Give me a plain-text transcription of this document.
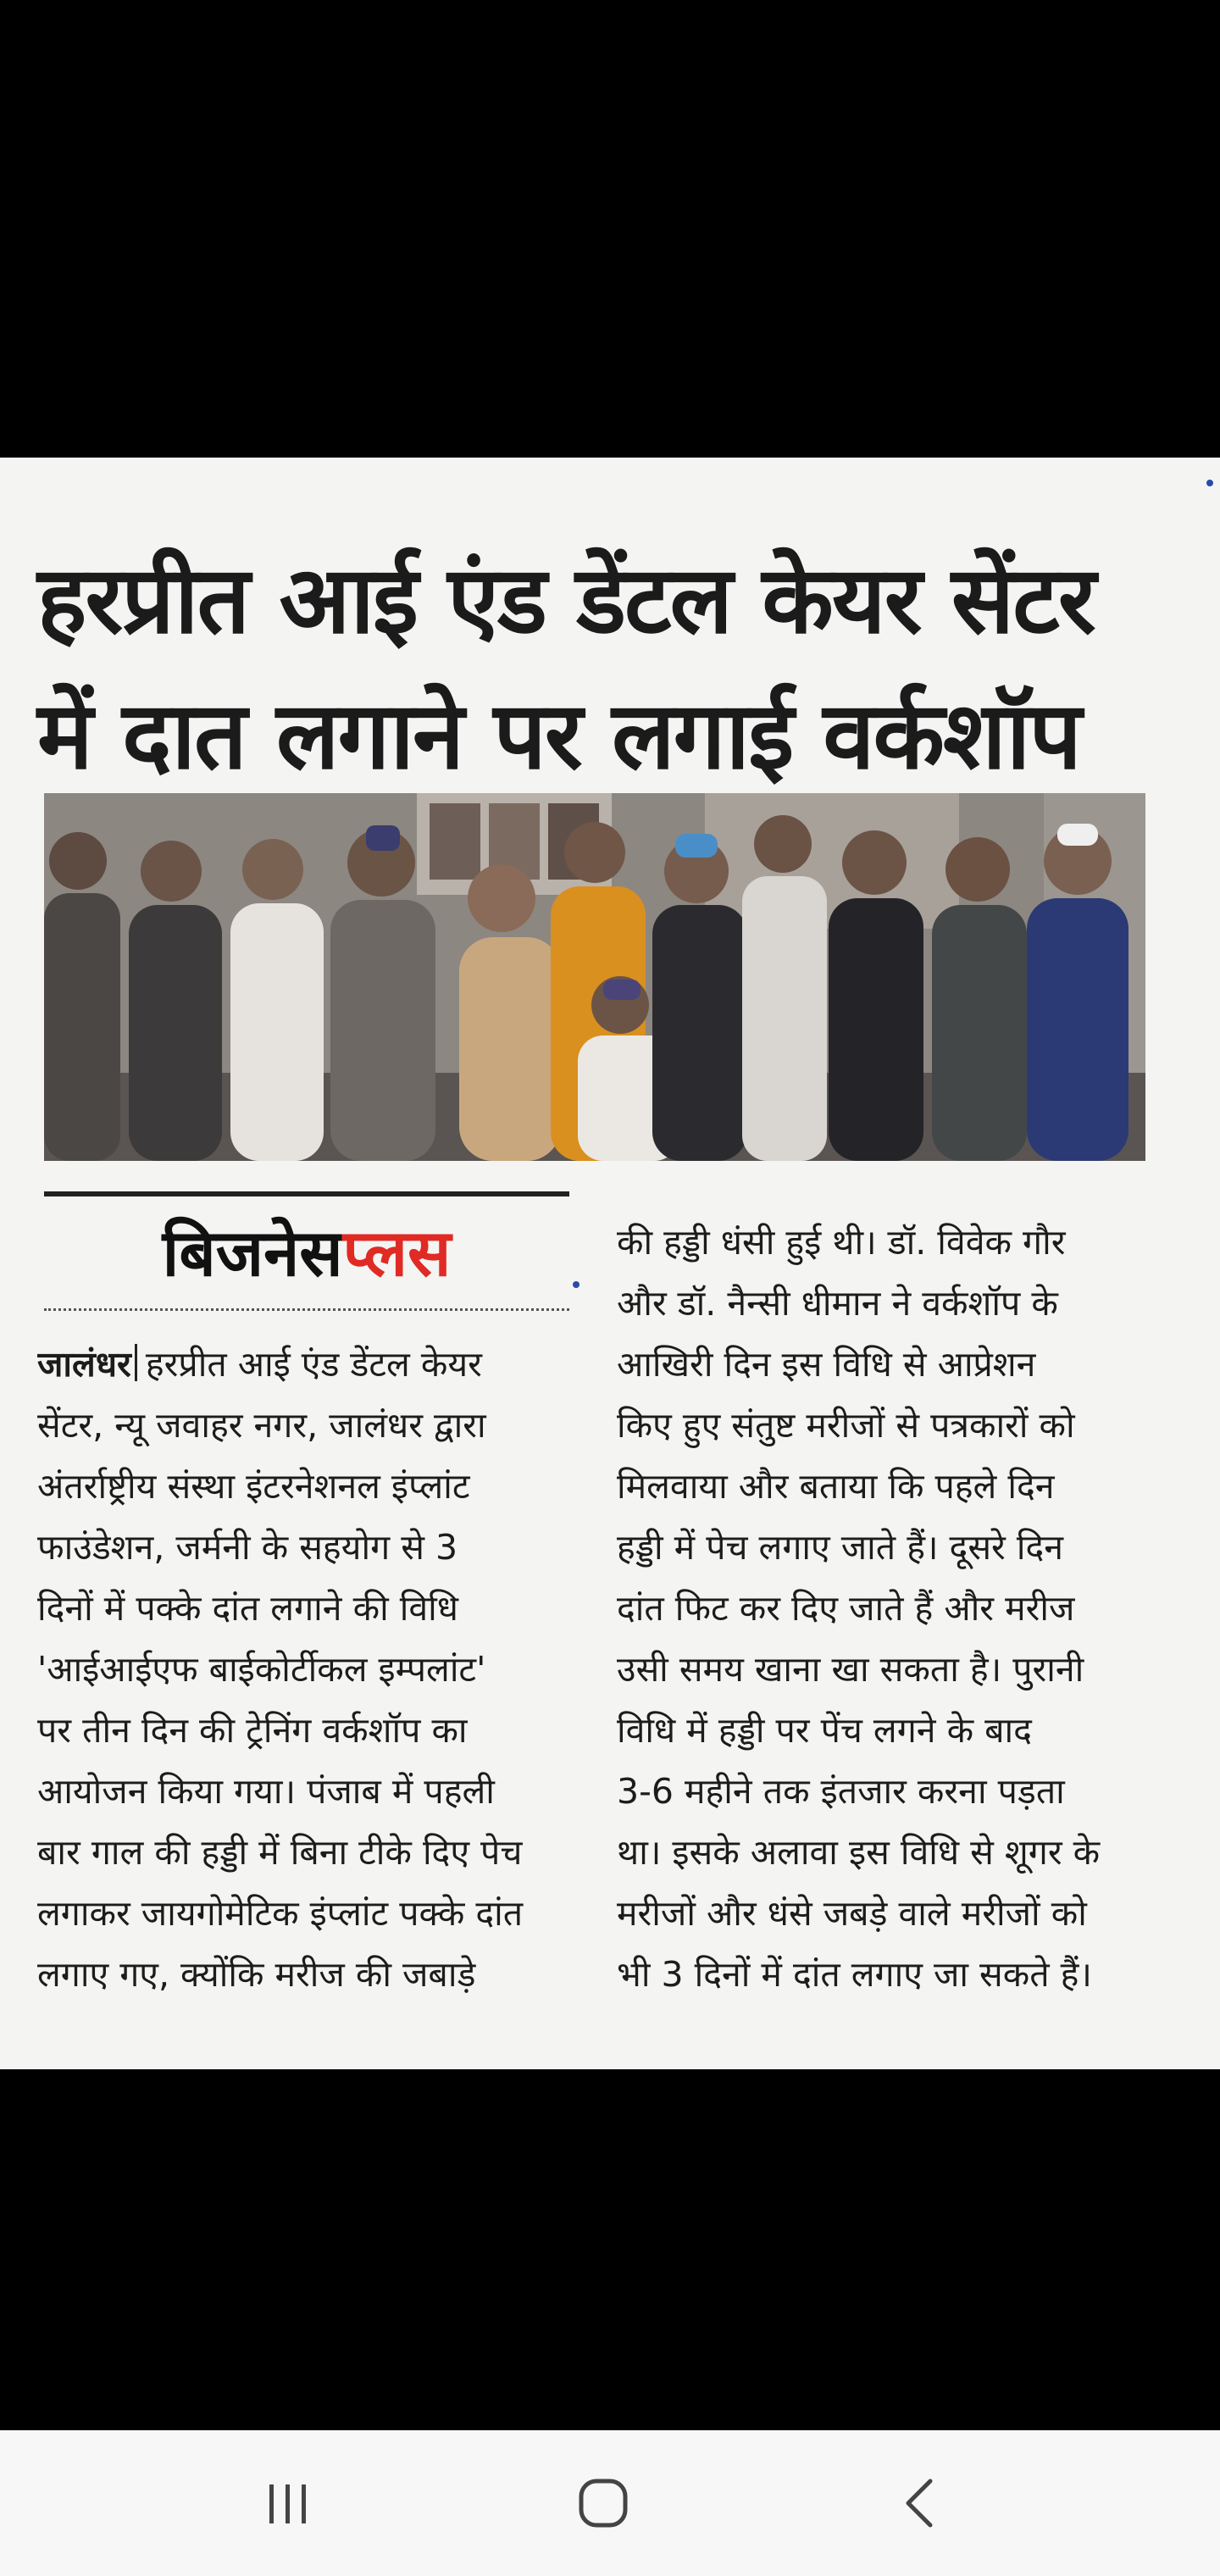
हरप्रीत आई एंड डेंटल केयर सेंटर
में दात लगाने पर लगाई वर्कशॉप
बिजनेसप्लस
जालंधर हरप्रीत आई एंड डेंटल केयर
सेंटर, न्यू जवाहर नगर, जालंधर द्वारा
अंतर्राष्ट्रीय संस्था इंटरनेशनल इंप्लांट
फाउंडेशन, जर्मनी के सहयोग से 3
दिनों में पक्के दांत लगाने की विधि
'आईआईएफ बाईकोर्टीकल इम्पलांट'
पर तीन दिन की ट्रेनिंग वर्कशॉप का
आयोजन किया गया। पंजाब में पहली
बार गाल की हड्डी में बिना टीके दिए पेच
लगाकर जायगोमेटिक इंप्लांट पक्के दांत
लगाए गए, क्योंकि मरीज की जबाड़े
की हड्डी धंसी हुई थी। डॉ. विवेक गौर
और डॉ. नैन्सी धीमान ने वर्कशॉप के
आखिरी दिन इस विधि से आप्रेशन
किए हुए संतुष्ट मरीजों से पत्रकारों को
मिलवाया और बताया कि पहले दिन
हड्डी में पेच लगाए जाते हैं। दूसरे दिन
दांत फिट कर दिए जाते हैं और मरीज
उसी समय खाना खा सकता है। पुरानी
विधि में हड्डी पर पेंच लगने के बाद
3-6 महीने तक इंतजार करना पड़ता
था। इसके अलावा इस विधि से शूगर के
मरीजों और धंसे जबड़े वाले मरीजों को
भी 3 दिनों में दांत लगाए जा सकते हैं।
